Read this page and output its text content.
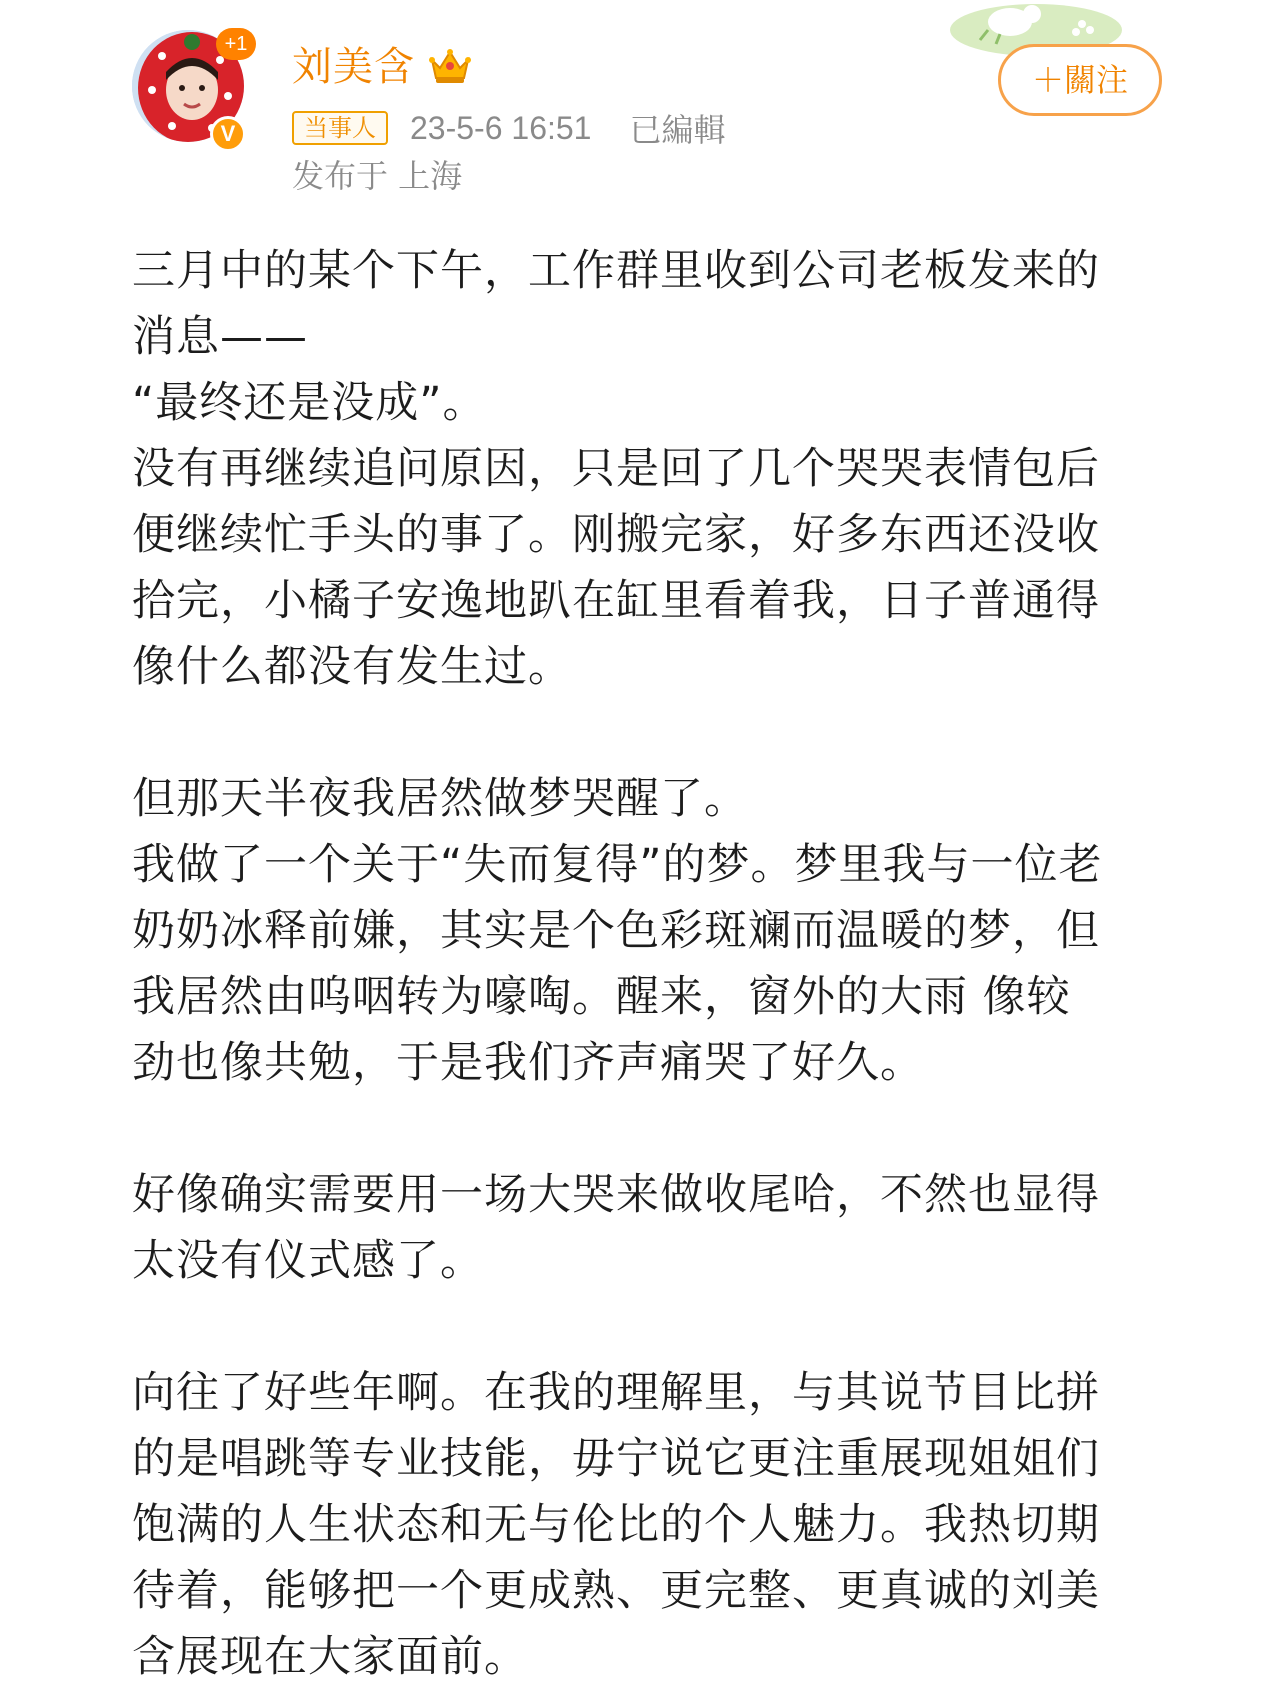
+1
V
刘美含
当事人	23-5-6 16:51 已編輯
发布于 上海
＋關注

三月中的某个下午，工作群里收到公司老板发来的
消息——
“最终还是没成”。
没有再继续追问原因，只是回了几个哭哭表情包后
便继续忙手头的事了。刚搬完家，好多东西还没收
拾完，小橘子安逸地趴在缸里看着我，日子普通得
像什么都没有发生过。

但那天半夜我居然做梦哭醒了。
我做了一个关于“失而复得”的梦。梦里我与一位老
奶奶冰释前嫌，其实是个色彩斑斓而温暖的梦，但
我居然由呜咽转为嚎啕。醒来，窗外的大雨 像较
劲也像共勉，于是我们齐声痛哭了好久。

好像确实需要用一场大哭来做收尾哈，不然也显得
太没有仪式感了。

向往了好些年啊。在我的理解里，与其说节目比拼
的是唱跳等专业技能，毋宁说它更注重展现姐姐们
饱满的人生状态和无与伦比的个人魅力。我热切期
待着，能够把一个更成熟、更完整、更真诚的刘美
含展现在大家面前。
